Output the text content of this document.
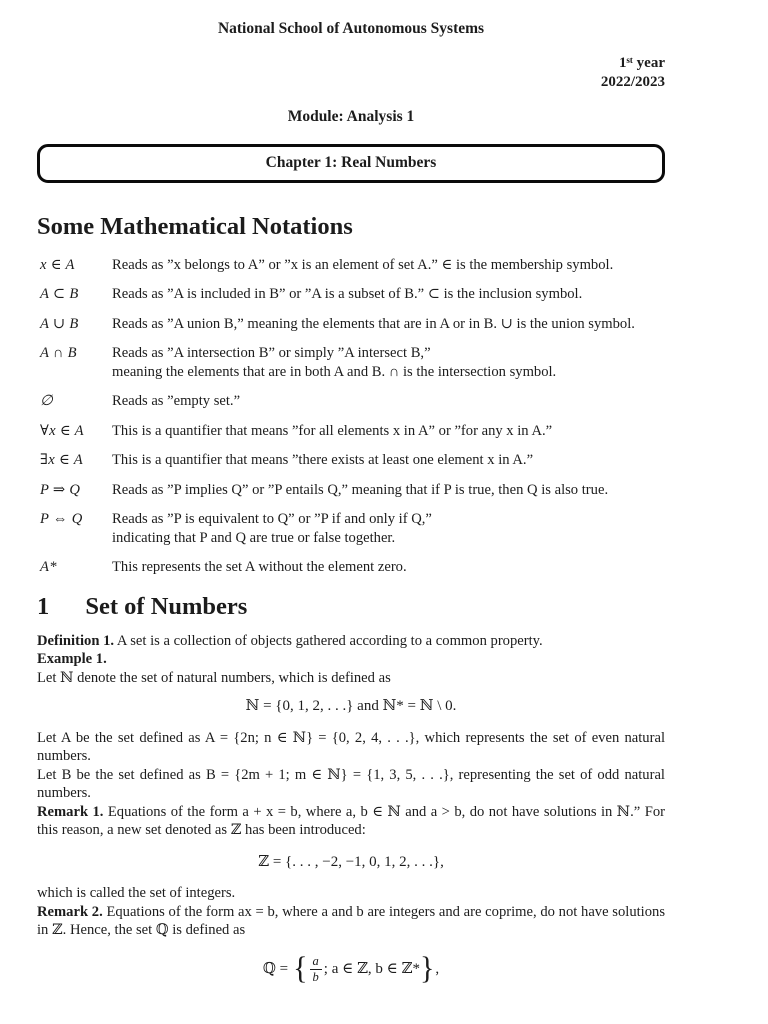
National School of Autonomous Systems
1ˢᵗ year
2022/2023
Module: Analysis 1
Chapter 1: Real Numbers
Some Mathematical Notations
x ∈ A	Reads as ”x belongs to A” or ”x is an element of set A.” ∈ is the membership symbol.
A ⊂ B	Reads as ”A is included in B” or ”A is a subset of B.” ⊂ is the inclusion symbol.
A ∪ B	Reads as ”A union B,” meaning the elements that are in A or in B. ∪ is the union symbol.
A ∩ B	Reads as ”A intersection B” or simply ”A intersect B,”
meaning the elements that are in both A and B. ∩ is the intersection symbol.
∅	Reads as ”empty set.”
∀x ∈ A	This is a quantifier that means ”for all elements x in A” or ”for any x in A.”
∃x ∈ A	This is a quantifier that means ”there exists at least one element x in A.”
P ⇒ Q	Reads as ”P implies Q” or ”P entails Q,” meaning that if P is true, then Q is also true.
P ⇔ Q	Reads as ”P is equivalent to Q” or ”P if and only if Q,”
indicating that P and Q are true or false together.
A*	This represents the set A without the element zero.
1 Set of Numbers

Definition 1. A set is a collection of objects gathered according to a common property.

Example 1.

Let ℕ denote the set of natural numbers, which is defined as

ℕ = {0, 1, 2, . . .} and ℕ* = ℕ \ 0.

Let A be the set defined as A = {2n; n ∈ ℕ} = {0, 2, 4, . . .}, which represents the set of even natural numbers.

Let B be the set defined as B = {2m + 1; m ∈ ℕ} = {1, 3, 5, . . .}, representing the set of odd natural numbers.

Remark 1. Equations of the form a + x = b, where a, b ∈ ℕ and a > b, do not have solutions in ℕ.” For this reason, a new set denoted as ℤ has been introduced:

ℤ = {. . . , −2, −1, 0, 1, 2, . . .},

which is called the set of integers.

Remark 2. Equations of the form ax = b, where a and b are integers and are coprime, do not have solutions in ℤ. Hence, the set ℚ is defined as

ℚ = { $\frac{a}{b}$ ; a ∈ ℤ, b ∈ ℤ* } ,
